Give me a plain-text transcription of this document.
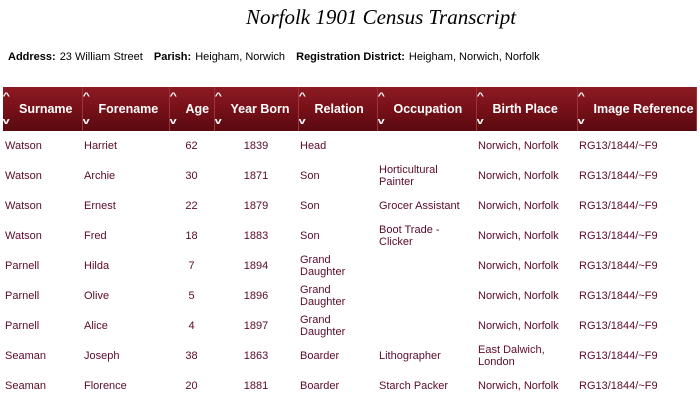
Norfolk 1901 Census Transcript
Address: 23 William Street Parish: Heigham, Norwich Registration District: Heigham, Norwich, Norfolk
^
v
Surname	^
v
Forename	^
v
Age	^
v
Year Born	^
v
Relation	^
v
Occupation	^
v
Birth Place	^
v
Image Reference

Watson	Harriet	62	1839	Head		Norwich, Norfolk	RG13/1844/~F9
Watson	Archie	30	1871	Son	Horticultural Painter	Norwich, Norfolk	RG13/1844/~F9
Watson	Ernest	22	1879	Son	Grocer Assistant	Norwich, Norfolk	RG13/1844/~F9
Watson	Fred	18	1883	Son	Boot Trade - Clicker	Norwich, Norfolk	RG13/1844/~F9
Parnell	Hilda	7	1894	Grand Daughter		Norwich, Norfolk	RG13/1844/~F9
Parnell	Olive	5	1896	Grand Daughter		Norwich, Norfolk	RG13/1844/~F9
Parnell	Alice	4	1897	Grand Daughter		Norwich, Norfolk	RG13/1844/~F9
Seaman	Joseph	38	1863	Boarder	Lithographer	East Dalwich, London	RG13/1844/~F9
Seaman	Florence	20	1881	Boarder	Starch Packer	Norwich, Norfolk	RG13/1844/~F9
